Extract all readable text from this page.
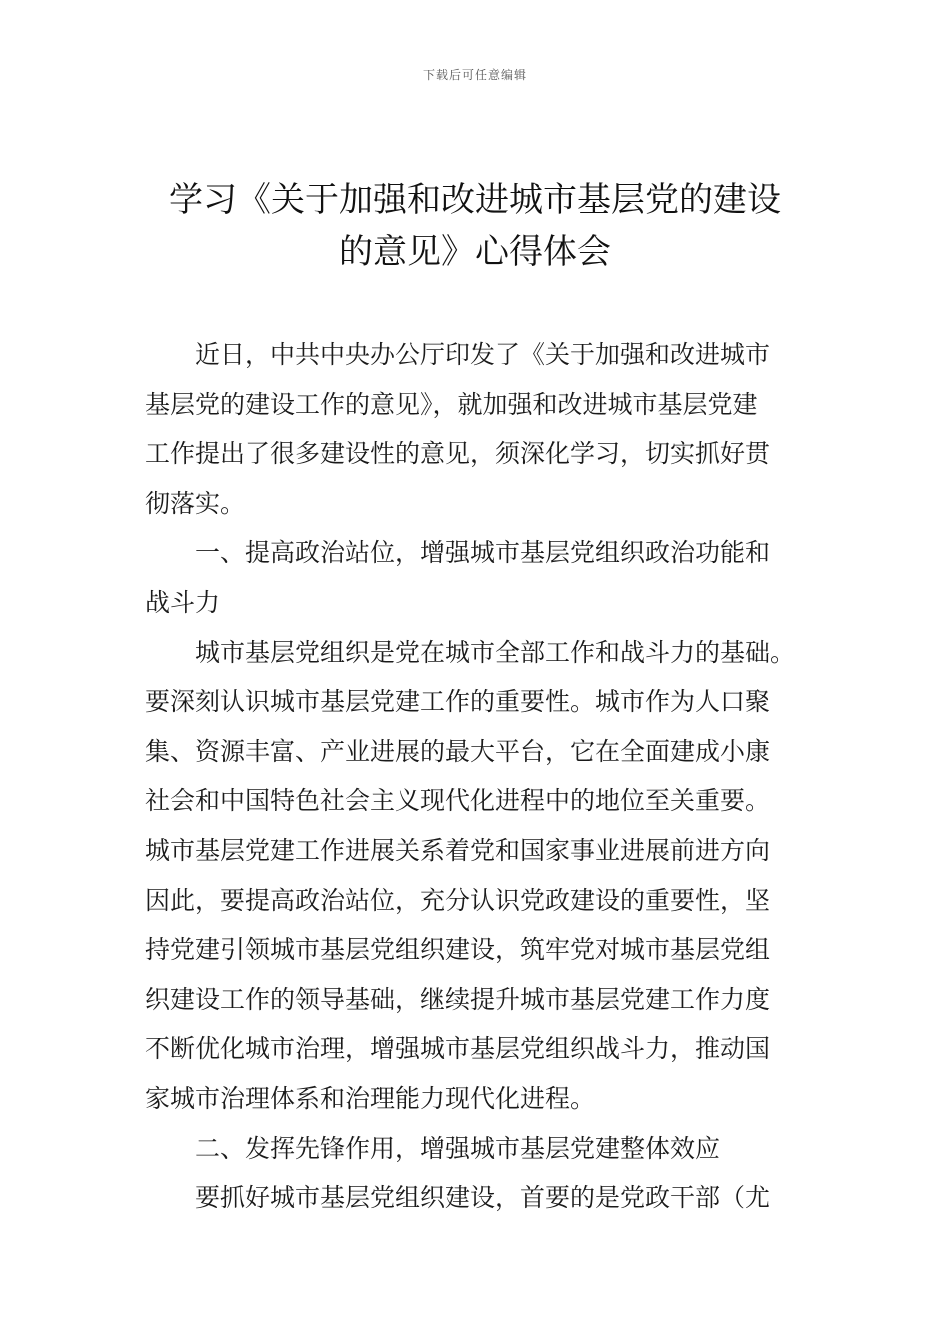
下载后可任意编辑
学习《关于加强和改进城市基层党的建设
的意见》心得体会

近日，中共中央办公厅印发了《关于加强和改进城市

基层党的建设工作的意见》，就加强和改进城市基层党建

工作提出了很多建设性的意见，须深化学习，切实抓好贯

彻落实。

一、提高政治站位，增强城市基层党组织政治功能和

战斗力

城市基层党组织是党在城市全部工作和战斗力的基础。

要深刻认识城市基层党建工作的重要性。城市作为人口聚

集、资源丰富、产业进展的最大平台，它在全面建成小康

社会和中国特色社会主义现代化进程中的地位至关重要。

城市基层党建工作进展关系着党和国家事业进展前进方向

因此，要提高政治站位，充分认识党政建设的重要性，坚

持党建引领城市基层党组织建设，筑牢党对城市基层党组

织建设工作的领导基础，继续提升城市基层党建工作力度

不断优化城市治理，增强城市基层党组织战斗力，推动国

家城市治理体系和治理能力现代化进程。

二、发挥先锋作用，增强城市基层党建整体效应

要抓好城市基层党组织建设，首要的是党政干部（尤
